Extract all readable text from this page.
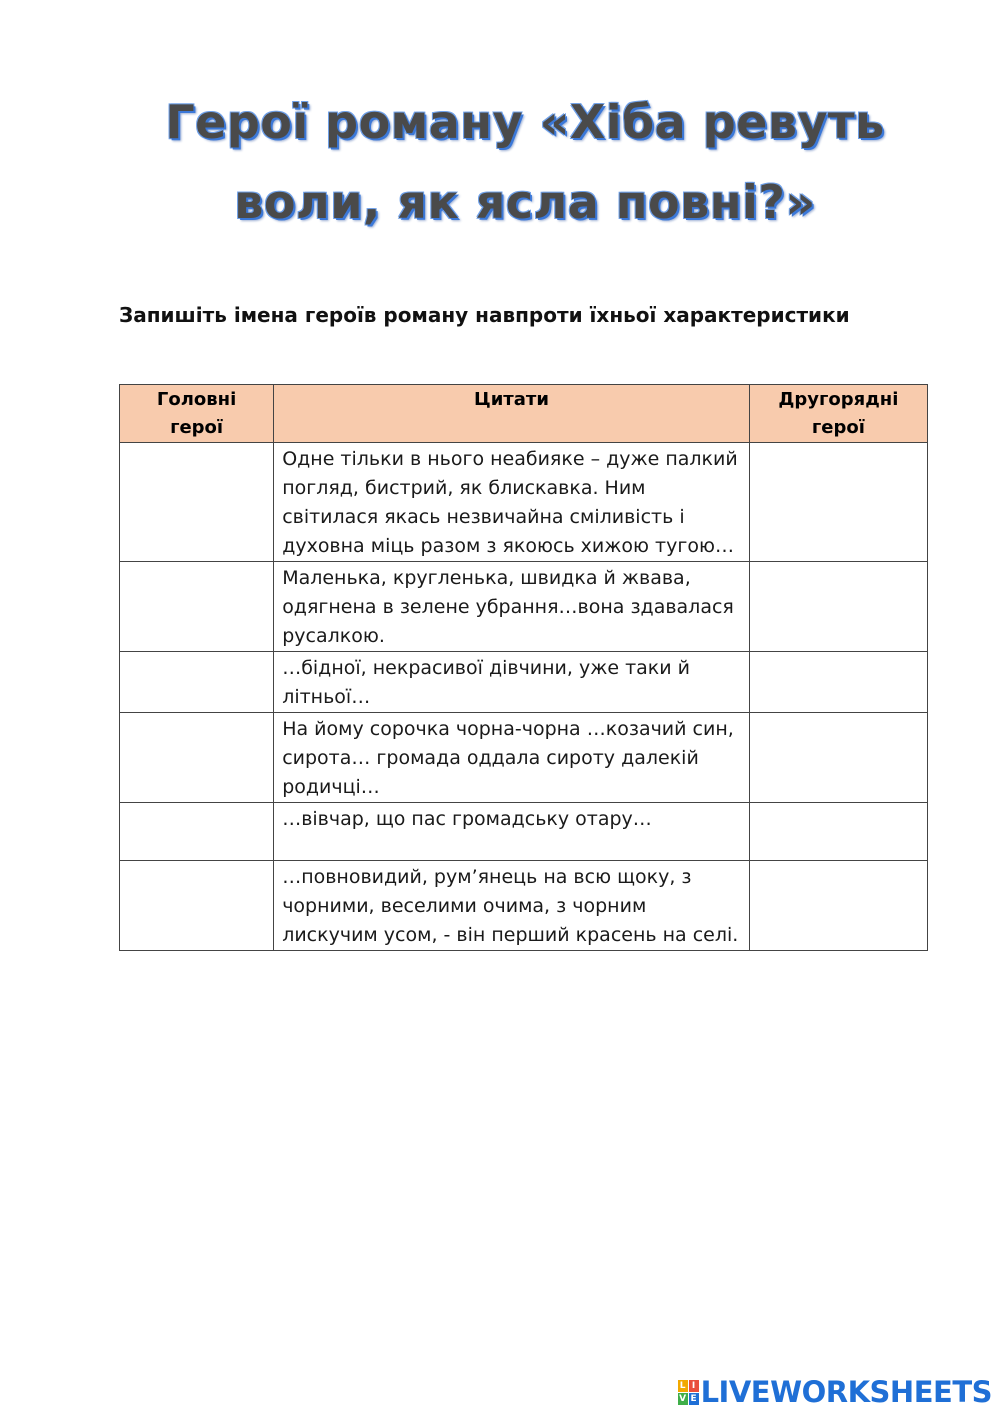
Герої роману «Хіба ревуть
воли, як ясла повні?»
Запишіть імена героїв роману навпроти їхньої характеристики
Головні герої	Цитати	Другорядні герої
	Одне тільки в нього неабияке – дуже палкий погляд, бистрий, як блискавка. Ним світилася якась незвичайна сміливість і духовна міць разом з якоюсь хижою тугою…	
	Маленька, кругленька, швидка й жвава, одягнена в зелене убрання…вона здавалася русалкою.	
	…бідної, некрасивої дівчини, уже таки й літньої…	
	На йому сорочка чорна-чорна …козачий син, сирота… громада оддала сироту далекій родичці…	
	…вівчар, що пас громадську отару…	
	…повновидий, рум’янець на всю щоку, з чорними, веселими очима, з чорним лискучим усом, - він перший красень на селі.	
L I
V E LIVEWORKSHEETS
